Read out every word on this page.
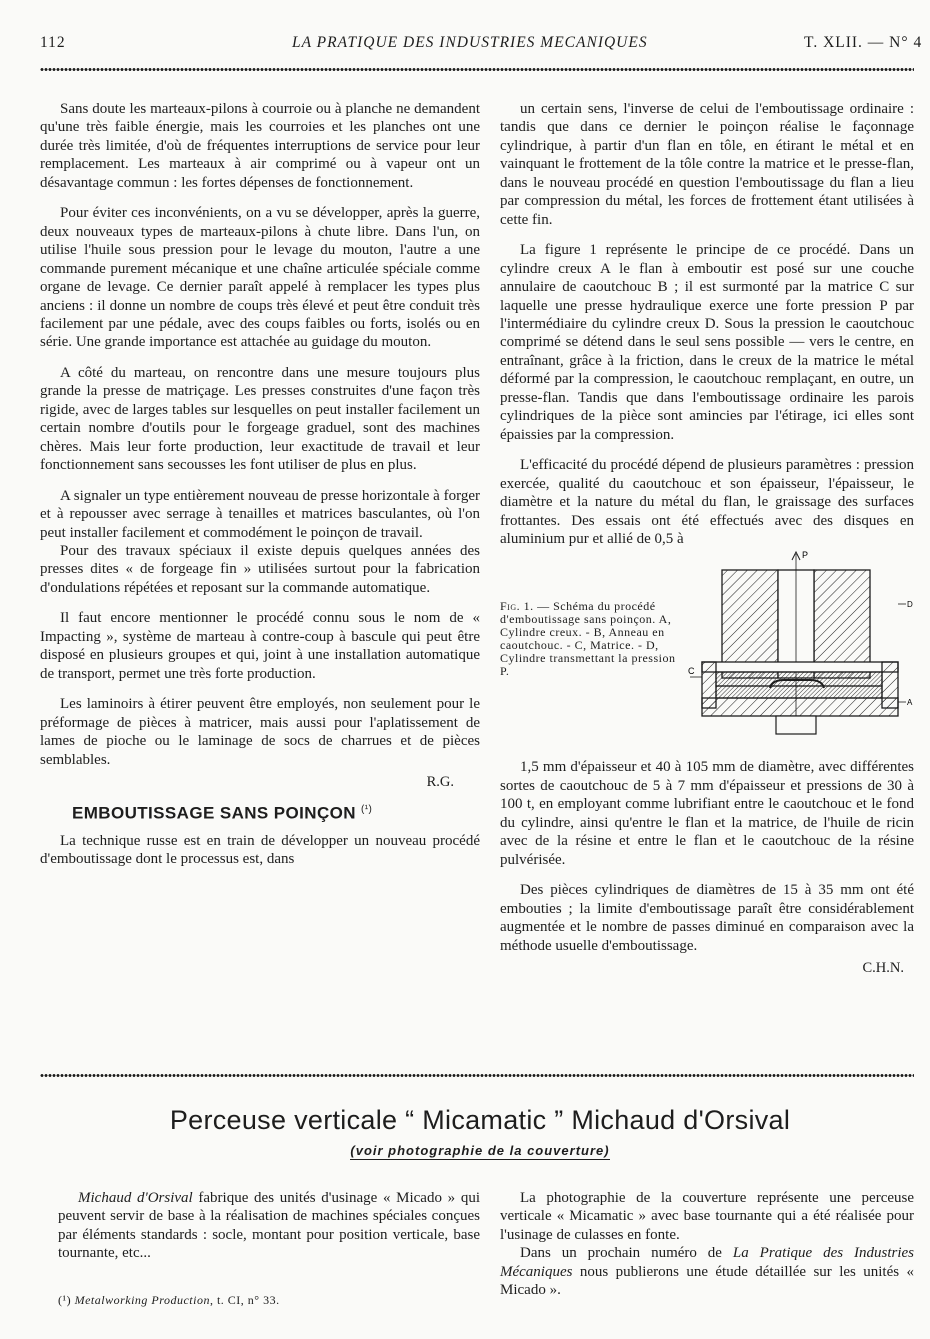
112	LA PRATIQUE DES INDUSTRIES MECANIQUES	T. XLII. — N° 4

Sans doute les marteaux-pilons à courroie ou à planche ne demandent qu'une très faible énergie, mais les courroies et les planches ont une durée très limitée, d'où de fréquentes interruptions de service pour leur remplacement. Les marteaux à air comprimé ou à vapeur ont un désavantage commun : les fortes dépenses de fonctionnement.

Pour éviter ces inconvénients, on a vu se développer, après la guerre, deux nouveaux types de marteaux-pilons à chute libre. Dans l'un, on utilise l'huile sous pression pour le levage du mouton, l'autre a une commande purement mécanique et une chaîne articulée spéciale comme organe de levage. Ce dernier paraît appelé à remplacer les types plus anciens : il donne un nombre de coups très élevé et peut être conduit très facilement par une pédale, avec des coups faibles ou forts, isolés ou en série. Une grande importance est attachée au guidage du mouton.

A côté du marteau, on rencontre dans une mesure toujours plus grande la presse de matriçage. Les presses construites d'une façon très rigide, avec de larges tables sur lesquelles on peut installer facilement un certain nombre d'outils pour le forgeage graduel, sont des machines chères. Mais leur forte production, leur exactitude de travail et leur fonctionnement sans secousses les font utiliser de plus en plus.

A signaler un type entièrement nouveau de presse horizontale à forger et à repousser avec serrage à tenailles et matrices basculantes, où l'on peut installer facilement et commodément le poinçon de travail.

Pour des travaux spéciaux il existe depuis quelques années des presses dites « de forgeage fin » utilisées surtout pour la fabrication d'ondulations répétées et reposant sur la commande automatique.

Il faut encore mentionner le procédé connu sous le nom de « Impacting », système de marteau à contre-coup à bascule qui peut être disposé en plusieurs groupes et qui, joint à une installation automatique de transport, permet une très forte production.

Les laminoirs à étirer peuvent être employés, non seulement pour le préformage de pièces à matricer, mais aussi pour l'aplatissement de lames de pioche ou le laminage de socs de charrues et de pièces semblables.

R.G.
EMBOUTISSAGE SANS POINÇON $^{(^1)}$

La technique russe est en train de développer un nouveau procédé d'emboutissage dont le processus est, dans

un certain sens, l'inverse de celui de l'emboutissage ordinaire : tandis que dans ce dernier le poinçon réalise le façonnage cylindrique, à partir d'un flan en tôle, en étirant le métal et en vainquant le frottement de la tôle contre la matrice et le presse-flan, dans le nouveau procédé en question l'emboutissage du flan a lieu par compression du métal, les forces de frottement étant utilisées à cette fin.

La figure 1 représente le principe de ce procédé. Dans un cylindre creux A le flan à emboutir est posé sur une couche annulaire de caoutchouc B ; il est surmonté par la matrice C sur laquelle une presse hydraulique exerce une forte pression P par l'intermédiaire du cylindre creux D. Sous la pression le caoutchouc comprimé se détend dans le seul sens possible — vers le centre, en entraînant, grâce à la friction, dans le creux de la matrice le métal déformé par la compression, le caoutchouc remplaçant, en outre, un presse-flan. Tandis que dans l'emboutissage ordinaire les parois cylindriques de la pièce sont amincies par l'étirage, ici elles sont épaissies par la compression.

L'efficacité du procédé dépend de plusieurs paramètres : pression exercée, qualité du caoutchouc et son épaisseur, l'épaisseur, le diamètre et la nature du métal du flan, le graissage des surfaces frottantes. Des essais ont été effectués avec des disques en aluminium pur et allié de 0,5 à

Fig. 1. — Schéma du procédé d'emboutissage sans poinçon. A, Cylindre creux. - B, Anneau en caoutchouc. - C, Matrice. - D, Cylindre transmettant la pression P.
P
C
D
A

1,5 mm d'épaisseur et 40 à 105 mm de diamètre, avec différentes sortes de caoutchouc de 5 à 7 mm d'épaisseur et pressions de 30 à 100 t, en employant comme lubrifiant entre le caoutchouc et le fond du cylindre, ainsi qu'entre le flan et la matrice, de l'huile de ricin avec de la résine et entre le flan et le caoutchouc de la résine pulvérisée.

Des pièces cylindriques de diamètres de 15 à 35 mm ont été embouties ; la limite d'emboutissage paraît être considérablement augmentée et le nombre de passes diminué en comparaison avec la méthode usuelle d'emboutissage.

C.H.N.
Perceuse verticale “ Micamatic ” Michaud d'Orsival
(voir photographie de la couverture)

Michaud d'Orsival fabrique des unités d'usinage « Micado » qui peuvent servir de base à la réalisation de machines spéciales conçues par éléments standards : socle, montant pour position verticale, base tournante, etc...

La photographie de la couverture représente une perceuse verticale « Micamatic » avec base tournante qui a été réalisée pour l'usinage de culasses en fonte.

Dans un prochain numéro de La Pratique des Industries Mécaniques nous publierons une étude détaillée sur les unités « Micado ».

(¹) Metalworking Production, t. CI, n° 33.
